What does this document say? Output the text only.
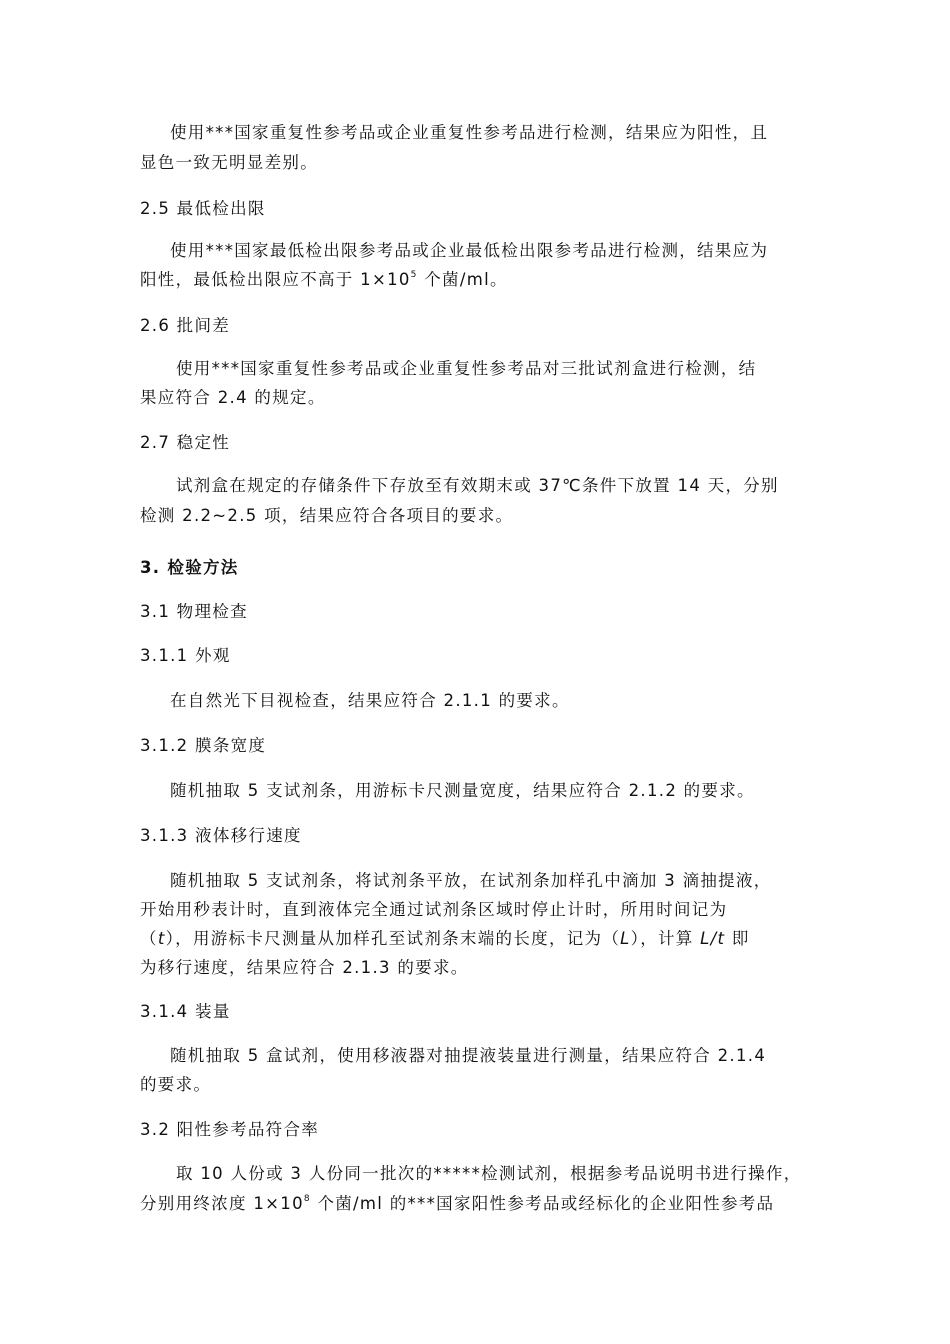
使用***国家重复性参考品或企业重复性参考品进行检测，结果应为阳性，且
显色一致无明显差别。
2.5 最低检出限
使用***国家最低检出限参考品或企业最低检出限参考品进行检测，结果应为
阳性，最低检出限应不高于 $1\times 10^5$ 个菌/ml。
2.6 批间差
使用***国家重复性参考品或企业重复性参考品对三批试剂盒进行检测，结
果应符合 2.4 的规定。
2.7 稳定性
试剂盒在规定的存储条件下存放至有效期末或 37℃条件下放置 14 天，分别
检测 2.2~2.5 项，结果应符合各项目的要求。
3. 检验方法
3.1 物理检查
3.1.1 外观
在自然光下目视检查，结果应符合 2.1.1 的要求。
3.1.2 膜条宽度
随机抽取 5 支试剂条，用游标卡尺测量宽度，结果应符合 2.1.2 的要求。
3.1.3 液体移行速度
随机抽取 5 支试剂条，将试剂条平放，在试剂条加样孔中滴加 3 滴抽提液，
开始用秒表计时，直到液体完全通过试剂条区域时停止计时，所用时间记为
（t），用游标卡尺测量从加样孔至试剂条末端的长度，记为（L），计算 L/t 即
为移行速度，结果应符合 2.1.3 的要求。
3.1.4 装量
随机抽取 5 盒试剂，使用移液器对抽提液装量进行测量，结果应符合 2.1.4
的要求。
3.2 阳性参考品符合率
取 10 人份或 3 人份同一批次的*****检测试剂，根据参考品说明书进行操作，
分别用终浓度 $1\times 10^8$ 个菌/ml 的***国家阳性参考品或经标化的企业阳性参考品
